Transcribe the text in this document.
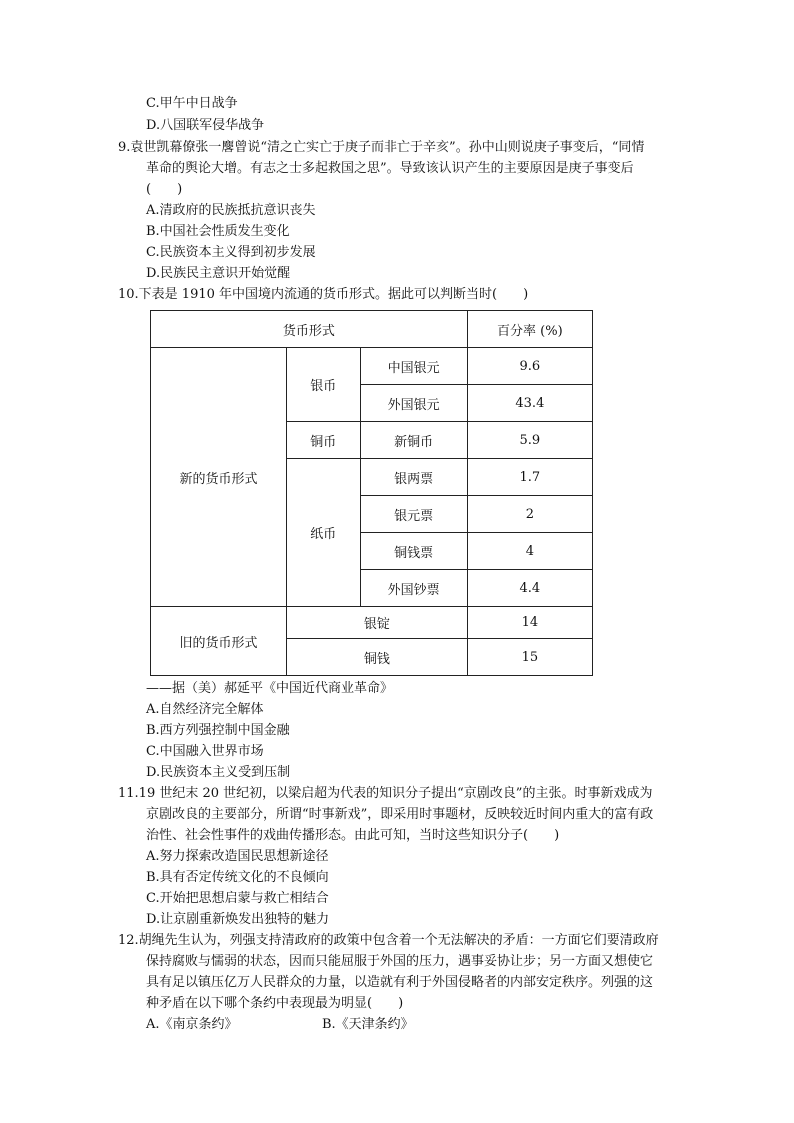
C.甲午中日战争
D.八国联军侵华战争
9.袁世凯幕僚张一麐曾说“清之亡实亡于庚子而非亡于辛亥”。孙中山则说庚子事变后，“同情
革命的舆论大增。有志之士多起救国之思”。导致该认识产生的主要原因是庚子事变后
(　　)
A.清政府的民族抵抗意识丧失
B.中国社会性质发生变化
C.民族资本主义得到初步发展
D.民族民主意识开始觉醒
10.下表是 1910 年中国境内流通的货币形式。据此可以判断当时(　　)
货币形式			百分率 (%)
新的货币形式	银币	中国银元	9.6
		外国银元	43.4
	铜币	新铜币	5.9
	纸币	银两票	1.7
		银元票	2
		铜钱票	4
		外国钞票	4.4
旧的货币形式	银锭		14
	铜钱		15
——据（美）郝延平《中国近代商业革命》
A.自然经济完全解体
B.西方列强控制中国金融
C.中国融入世界市场
D.民族资本主义受到压制
11.19 世纪末 20 世纪初，以梁启超为代表的知识分子提出“京剧改良”的主张。时事新戏成为
京剧改良的主要部分，所谓“时事新戏”，即采用时事题材，反映较近时间内重大的富有政
治性、社会性事件的戏曲传播形态。由此可知，当时这些知识分子(　　)
A.努力探索改造国民思想新途径
B.具有否定传统文化的不良倾向
C.开始把思想启蒙与救亡相结合
D.让京剧重新焕发出独特的魅力
12.胡绳先生认为，列强支持清政府的政策中包含着一个无法解决的矛盾：一方面它们要清政府
保持腐败与懦弱的状态，因而只能屈服于外国的压力，遇事妥协让步；另一方面又想使它
具有足以镇压亿万人民群众的力量，以造就有利于外国侵略者的内部安定秩序。列强的这
种矛盾在以下哪个条约中表现最为明显(　　)
A.《南京条约》	B.《天津条约》
